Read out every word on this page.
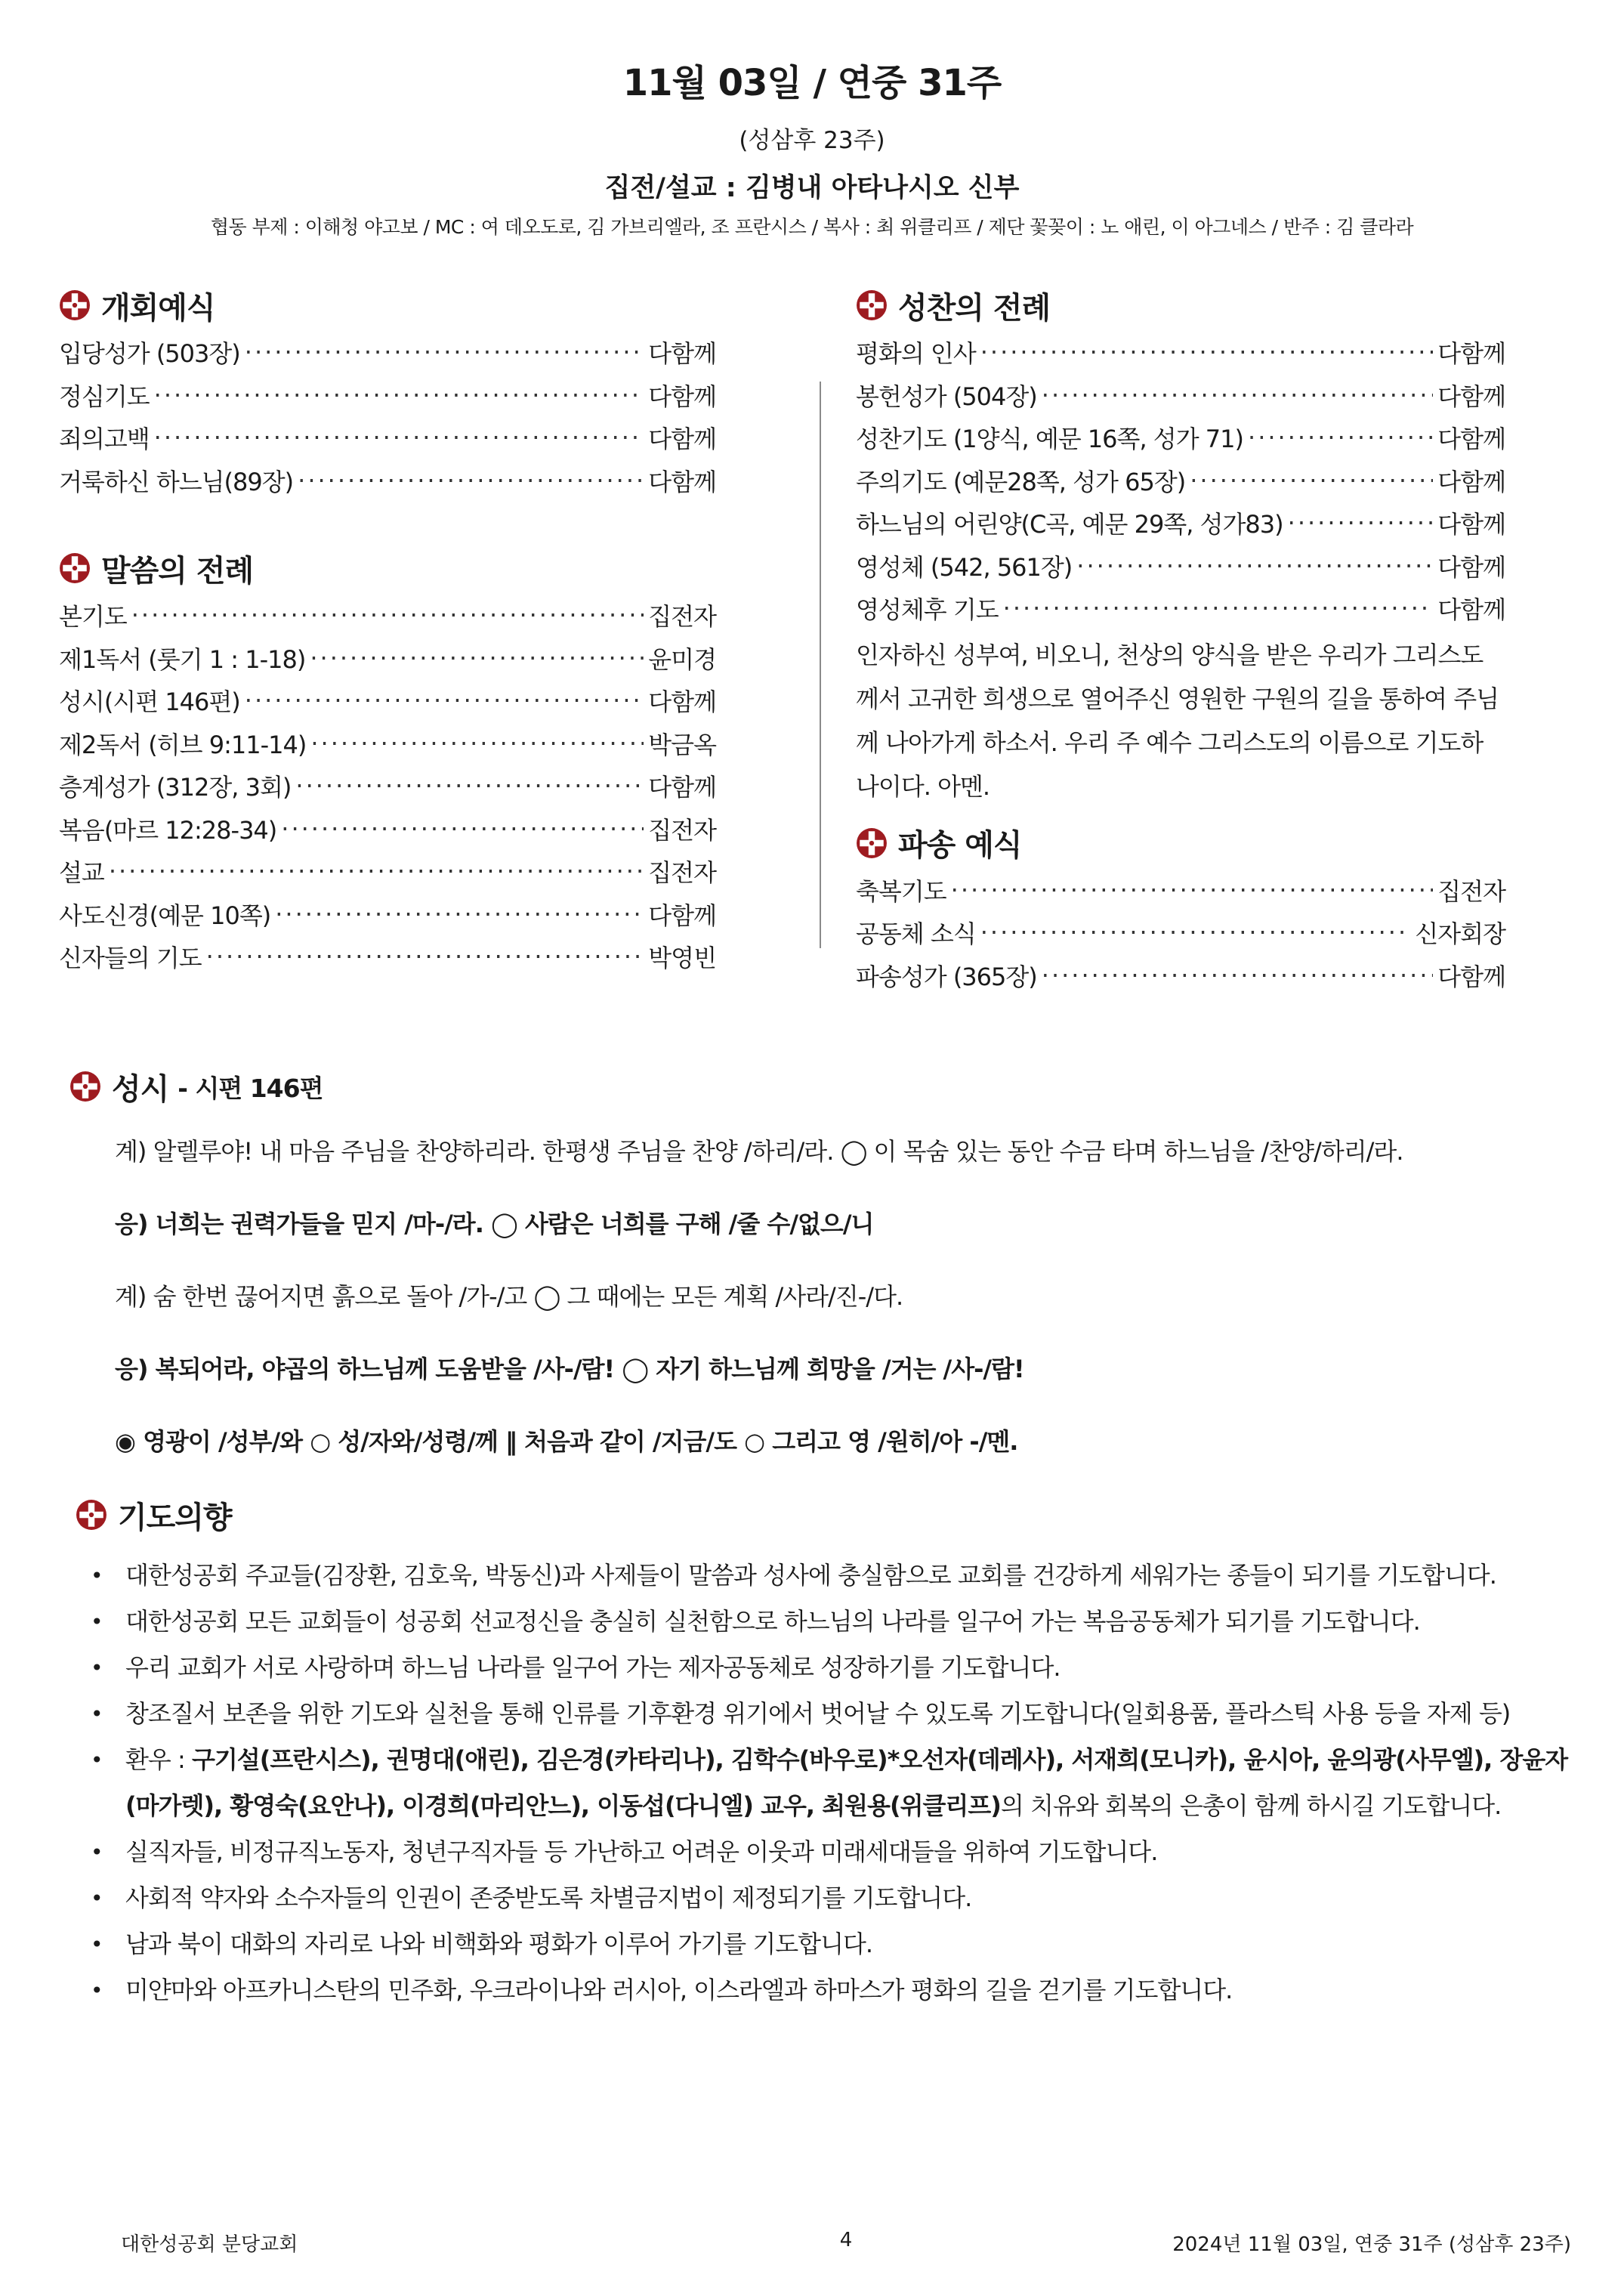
11월 03일 / 연중 31주
(성삼후 23주)
집전/설교 : 김병내 아타나시오 신부
협동 부제 : 이해청 야고보 / MC : 여 데오도로, 김 가브리엘라, 조 프란시스 / 복사 : 최 위클리프 / 제단 꽃꽂이 : 노 애린, 이 아그네스 / 반주 : 김 클라라
개회예식
입당성가 (503장) ·····	다함께
정심기도 ·····	다함께
죄의고백 ·····	다함께
거룩하신 하느님(89장) ·····	다함께
말씀의 전례
본기도 ·····	집전자
제1독서 (룻기 1 : 1-18) ·····	윤미경
성시(시편 146편) ·····	다함께
제2독서 (히브 9:11-14) ·····	박금옥
층계성가 (312장, 3회) ·····	다함께
복음(마르 12:28-34) ·····	집전자
설교 ·····	집전자
사도신경(예문 10쪽) ·····	다함께
신자들의 기도 ·····	박영빈
성찬의 전례
평화의 인사 ·····	다함께
봉헌성가 (504장) ·····	다함께
성찬기도 (1양식, 예문 16쪽, 성가 71) ·····	다함께
주의기도 (예문28쪽, 성가 65장) ·····	다함께
하느님의 어린양(C곡, 예문 29쪽, 성가83) ·····	다함께
영성체 (542, 561장) ·····	다함께
영성체후 기도 ·····	다함께
인자하신 성부여, 비오니, 천상의 양식을 받은 우리가 그리스도께서 고귀한 희생으로 열어주신 영원한 구원의 길을 통하여 주님께 나아가게 하소서. 우리 주 예수 그리스도의 이름으로 기도하나이다. 아멘.
파송 예식
축복기도 ·····	집전자
공동체 소식 ·····	신자회장
파송성가 (365장) ·····	다함께
성시 - 시편 146편
계) 알렐루야! 내 마음 주님을 찬양하리라. 한평생 주님을 찬양 /하리/라. ◯ 이 목숨 있는 동안 수금 타며 하느님을 /찬양/하리/라.
응) 너희는 권력가들을 믿지 /마-/라. ◯ 사람은 너희를 구해 /줄 수/없으/니
계) 숨 한번 끊어지면 흙으로 돌아 /가-/고 ◯ 그 때에는 모든 계획 /사라/진-/다.
응) 복되어라, 야곱의 하느님께 도움받을 /사-/람! ◯ 자기 하느님께 희망을 /거는 /사-/람!
◉ 영광이 /성부/와 ○ 성/자와/성령/께 ‖ 처음과 같이 /지금/도 ○ 그리고 영 /원히/아 -/멘.
기도의향
• 대한성공회 주교들(김장환, 김호욱, 박동신)과 사제들이 말씀과 성사에 충실함으로 교회를 건강하게 세워가는 종들이 되기를 기도합니다.
• 대한성공회 모든 교회들이 성공회 선교정신을 충실히 실천함으로 하느님의 나라를 일구어 가는 복음공동체가 되기를 기도합니다.
• 우리 교회가 서로 사랑하며 하느님 나라를 일구어 가는 제자공동체로 성장하기를 기도합니다.
• 창조질서 보존을 위한 기도와 실천을 통해 인류를 기후환경 위기에서 벗어날 수 있도록 기도합니다(일회용품, 플라스틱 사용 등을 자제 등)
• 환우 : 구기설(프란시스), 권명대(애린), 김은경(카타리나), 김학수(바우로)*오선자(데레사), 서재희(모니카), 윤시아, 윤의광(사무엘), 장윤자(마가렛), 황영숙(요안나), 이경희(마리안느), 이동섭(다니엘) 교우, 최원용(위클리프)의 치유와 회복의 은총이 함께 하시길 기도합니다.
• 실직자들, 비정규직노동자, 청년구직자들 등 가난하고 어려운 이웃과 미래세대들을 위하여 기도합니다.
• 사회적 약자와 소수자들의 인권이 존중받도록 차별금지법이 제정되기를 기도합니다.
• 남과 북이 대화의 자리로 나와 비핵화와 평화가 이루어 가기를 기도합니다.
• 미얀마와 아프카니스탄의 민주화, 우크라이나와 러시아, 이스라엘과 하마스가 평화의 길을 걷기를 기도합니다.
대한성공회 분당교회	4	2024년 11월 03일, 연중 31주 (성삼후 23주)
